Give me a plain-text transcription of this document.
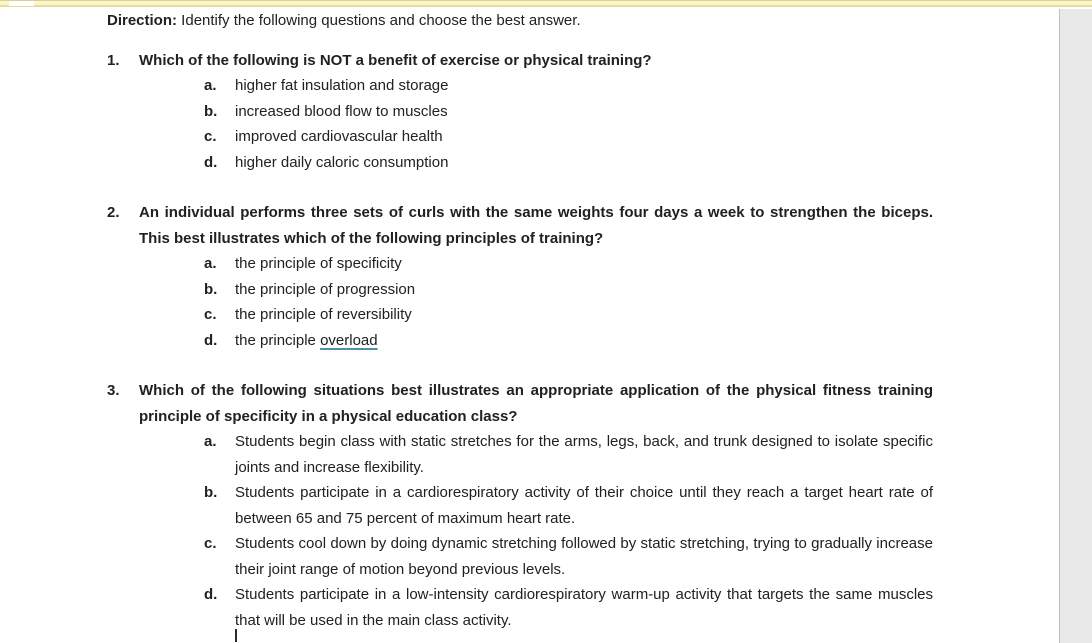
Direction: Identify the following questions and choose the best answer.

1.	Which of the following is NOT a benefit of exercise or physical training?
a.	higher fat insulation and storage
b.	increased blood flow to muscles
c.	improved cardiovascular health
d.	higher daily caloric consumption
2.	An individual performs three sets of curls with the same weights four days a week to strengthen the biceps. This best illustrates which of the following principles of training?
a.	the principle of specificity
b.	the principle of progression
c.	the principle of reversibility
d.	the principle overload
3.	Which of the following situations best illustrates an appropriate application of the physical fitness training principle of specificity in a physical education class?
a.	Students begin class with static stretches for the arms, legs, back, and trunk designed to isolate specific joints and increase flexibility.
b.	Students participate in a cardiorespiratory activity of their choice until they reach a target heart rate of between 65 and 75 percent of maximum heart rate.
c.	Students cool down by doing dynamic stretching followed by static stretching, trying to gradually increase their joint range of motion beyond previous levels.
d.	Students participate in a low-intensity cardiorespiratory warm-up activity that targets the same muscles that will be used in the main class activity.
